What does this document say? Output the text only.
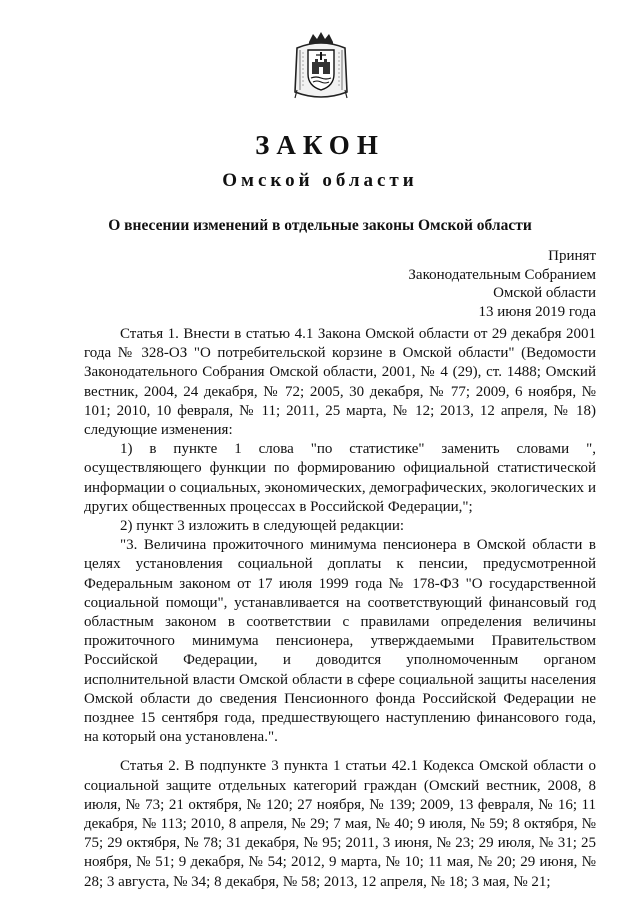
ЗАКОН
Омской области
О внесении изменений в отдельные законы Омской области
Принят
Законодательным Собранием
Омской области
13 июня 2019 года

Статья 1. Внести в статью 4.1 Закона Омской области от 29 декабря 2001 года № 328-ОЗ "О потребительской корзине в Омской области" (Ведомости Законодательного Собрания Омской области, 2001, № 4 (29), ст. 1488; Омский вестник, 2004, 24 декабря, № 72; 2005, 30 декабря, № 77; 2009, 6 ноября, № 101; 2010, 10 февраля, № 11; 2011, 25 марта, № 12; 2013, 12 апреля, № 18) следующие изменения:

1) в пункте 1 слова "по статистике" заменить словами ", осуществляющего функции по формированию официальной статистической информации о социальных, экономических, демографических, экологических и других общественных процессах в Российской Федерации,";

2) пункт 3 изложить в следующей редакции:

"3. Величина прожиточного минимума пенсионера в Омской области в целях установления социальной доплаты к пенсии, предусмотренной Федеральным законом от 17 июля 1999 года № 178-ФЗ "О государственной социальной помощи", устанавливается на соответствующий финансовый год областным законом в соответствии с правилами определения величины прожиточного минимума пенсионера, утверждаемыми Правительством Российской Федерации, и доводится уполномоченным органом исполнительной власти Омской области в сфере социальной защиты населения Омской области до сведения Пенсионного фонда Российской Федерации не позднее 15 сентября года, предшествующего наступлению финансового года, на который она установлена.".

Статья 2. В подпункте 3 пункта 1 статьи 42.1 Кодекса Омской области о социальной защите отдельных категорий граждан (Омский вестник, 2008, 8 июля, № 73; 21 октября, № 120; 27 ноября, № 139; 2009, 13 февраля, № 16; 11 декабря, № 113; 2010, 8 апреля, № 29; 7 мая, № 40; 9 июля, № 59; 8 октября, № 75; 29 октября, № 78; 31 декабря, № 95; 2011, 3 июня, № 23; 29 июля, № 31; 25 ноября, № 51; 9 декабря, № 54; 2012, 9 марта, № 10; 11 мая, № 20; 29 июня, № 28; 3 августа, № 34; 8 декабря, № 58; 2013, 12 апреля, № 18; 3 мая, № 21;
